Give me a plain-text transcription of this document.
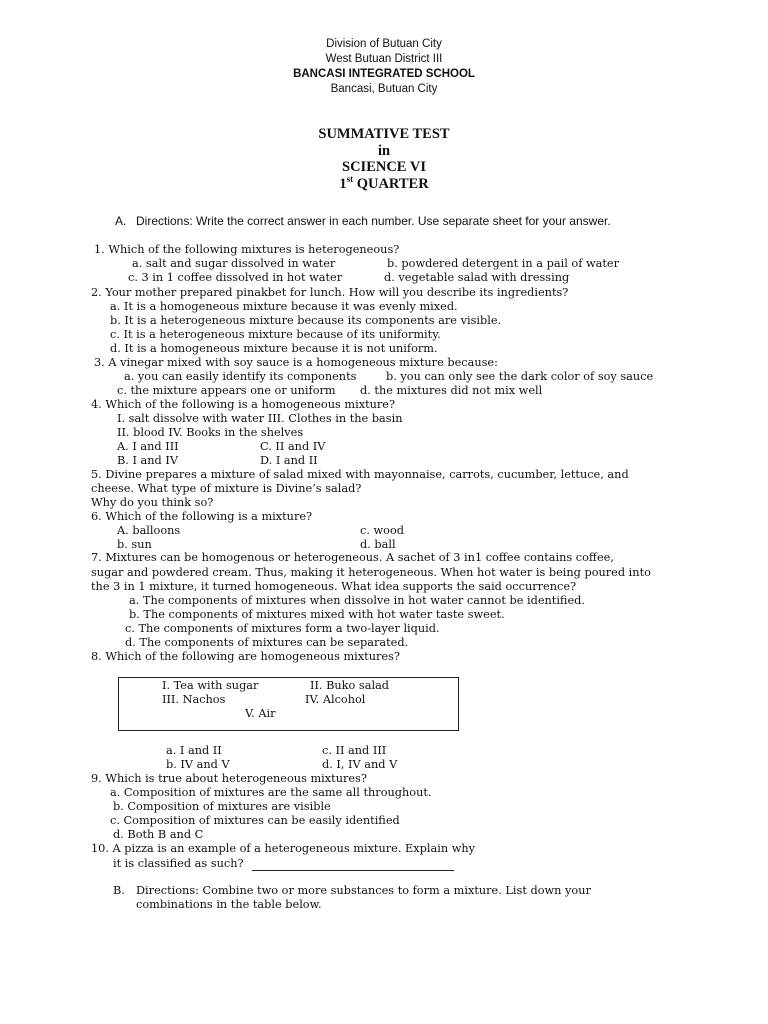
Division of Butuan City
West Butuan District III
BANCASI INTEGRATED SCHOOL
Bancasi, Butuan City
SUMMATIVE TEST
in
SCIENCE VI
1st QUARTER
A. Directions: Write the correct answer in each number. Use separate sheet for your answer.
1. Which of the following mixtures is heterogeneous?
a. salt and sugar dissolved in water	b. powdered detergent in a pail of water
c. 3 in 1 coffee dissolved in hot water	d. vegetable salad with dressing
2. Your mother prepared pinakbet for lunch. How will you describe its ingredients?
a. It is a homogeneous mixture because it was evenly mixed.
b. It is a heterogeneous mixture because its components are visible.
c. It is a heterogeneous mixture because of its uniformity.
d. It is a homogeneous mixture because it is not uniform.
3. A vinegar mixed with soy sauce is a homogeneous mixture because:
a. you can easily identify its components	b. you can only see the dark color of soy sauce
c. the mixture appears one or uniform d. the mixtures did not mix well
4. Which of the following is a homogeneous mixture?
I. salt dissolve with water III. Clothes in the basin
II. blood IV. Books in the shelves
A. I and III	C. II and IV
B. I and IV	D. I and II
5. Divine prepares a mixture of salad mixed with mayonnaise, carrots, cucumber, lettuce, and
cheese. What type of mixture is Divine’s salad?
Why do you think so?
6. Which of the following is a mixture?
A. balloons	c. wood
b. sun	d. ball
7. Mixtures can be homogenous or heterogeneous. A sachet of 3 in1 coffee contains coffee,
sugar and powdered cream. Thus, making it heterogeneous. When hot water is being poured into
the 3 in 1 mixture, it turned homogeneous. What idea supports the said occurrence?
a. The components of mixtures when dissolve in hot water cannot be identified.
b. The components of mixtures mixed with hot water taste sweet.
c. The components of mixtures form a two-layer liquid.
d. The components of mixtures can be separated.
8. Which of the following are homogeneous mixtures?
I. Tea with sugar	II. Buko salad
III. Nachos	IV. Alcohol
V. Air
a. I and II	c. II and III
b. IV and V	d. I, IV and V
9. Which is true about heterogeneous mixtures?
a. Composition of mixtures are the same all throughout.
b. Composition of mixtures are visible
c. Composition of mixtures can be easily identified
d. Both B and C
10. A pizza is an example of a heterogeneous mixture. Explain why
it is classified as such?
B. Directions: Combine two or more substances to form a mixture. List down your
combinations in the table below.
